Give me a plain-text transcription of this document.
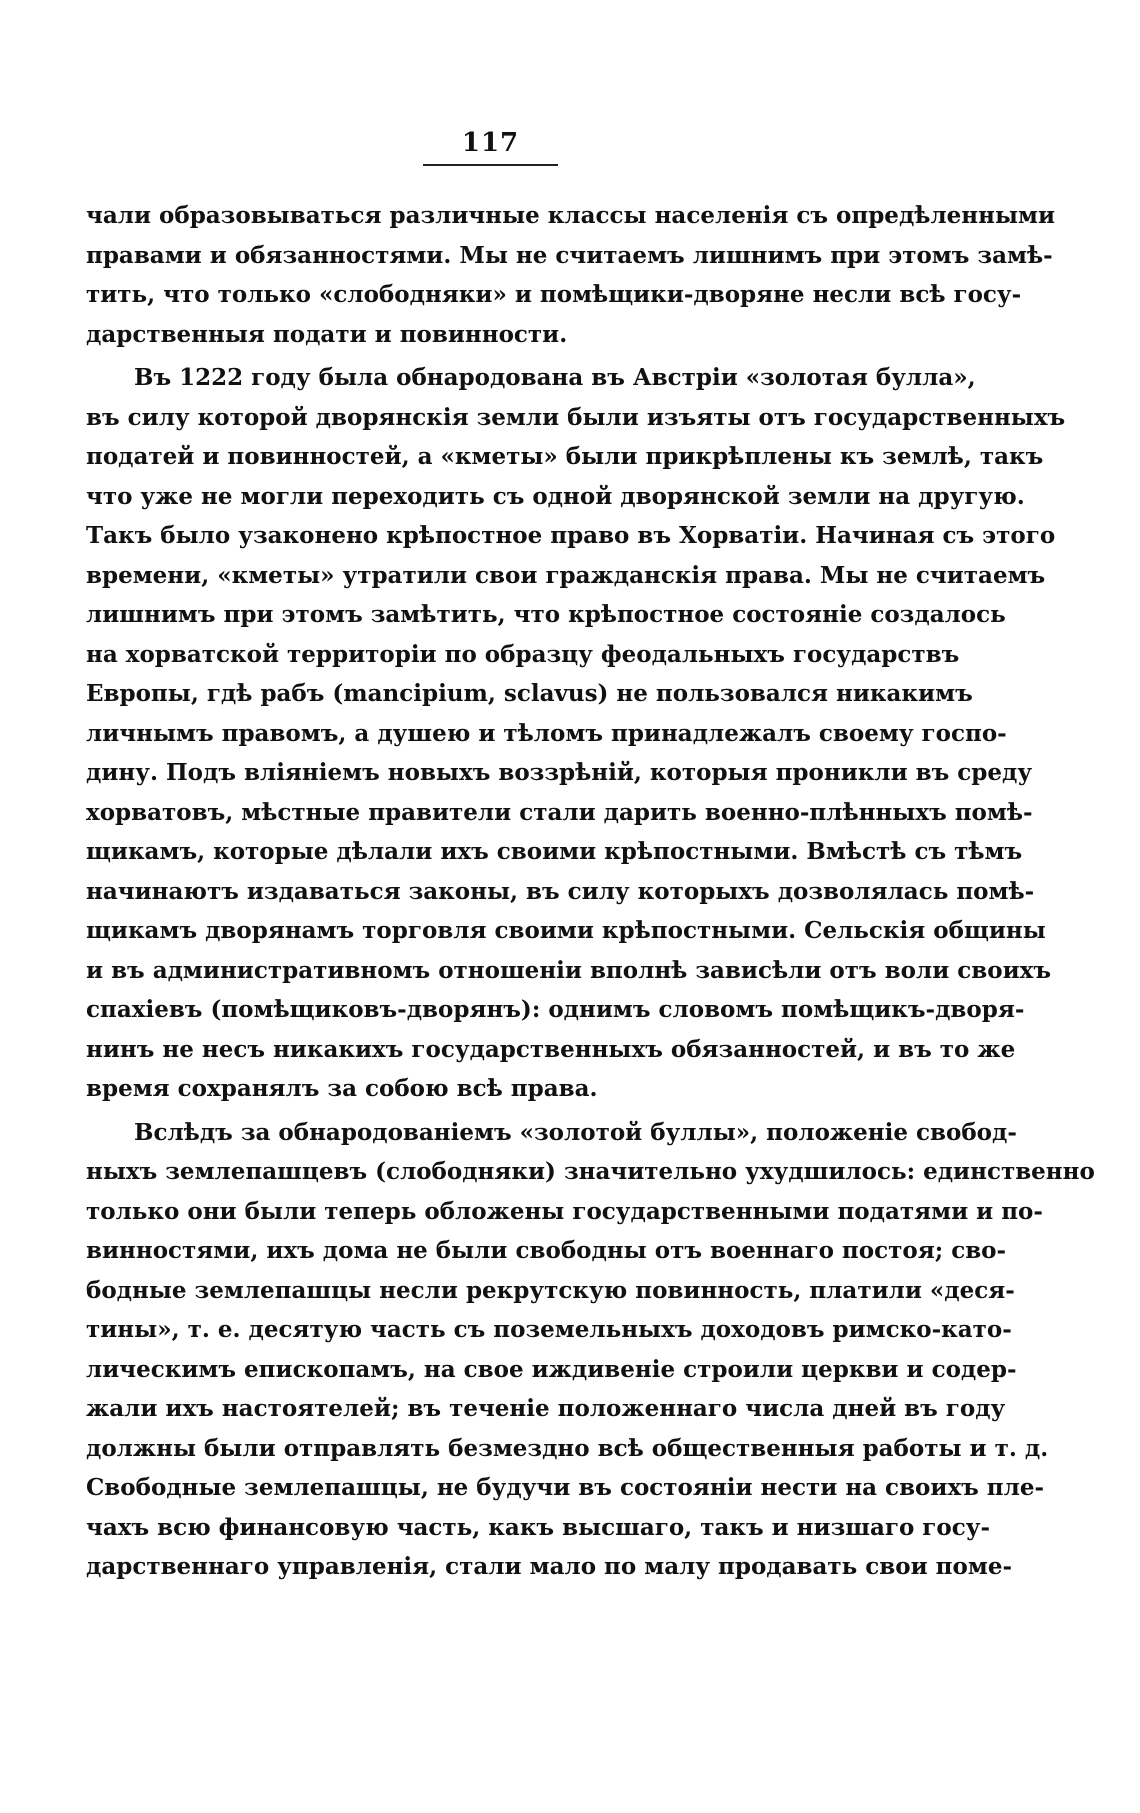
117
чали образовываться различные классы населенія съ опредѣленными
правами и обязанностями. Мы не считаемъ лишнимъ при этомъ замѣ-
тить, что только «слободняки» и помѣщики-дворяне несли всѣ госу-
дарственныя подати и повинности.
Въ 1222 году была обнародована въ Австріи «золотая булла»,
въ силу которой дворянскія земли были изъяты отъ государственныхъ
податей и повинностей, а «кметы» были прикрѣплены къ землѣ, такъ
что уже не могли переходить съ одной дворянской земли на другую.
Такъ было узаконено крѣпостное право въ Хорватіи. Начиная съ этого
времени, «кметы» утратили свои гражданскія права. Мы не считаемъ
лишнимъ при этомъ замѣтить, что крѣпостное состояніе создалось
на хорватской территоріи по образцу феодальныхъ государствъ
Европы, гдѣ рабъ (mancipium, sclavus) не пользовался никакимъ
личнымъ правомъ, а душею и тѣломъ принадлежалъ своему госпо-
дину. Подъ вліяніемъ новыхъ воззрѣній, которыя проникли въ среду
хорватовъ, мѣстные правители стали дарить военно-плѣнныхъ помѣ-
щикамъ, которые дѣлали ихъ своими крѣпостными. Вмѣстѣ съ тѣмъ
начинаютъ издаваться законы, въ силу которыхъ дозволялась помѣ-
щикамъ дворянамъ торговля своими крѣпостными. Сельскія общины
и въ административномъ отношеніи вполнѣ зависѣли отъ воли своихъ
спахіевъ (помѣщиковъ-дворянъ): однимъ словомъ помѣщикъ-дворя-
нинъ не несъ никакихъ государственныхъ обязанностей, и въ то же
время сохранялъ за собою всѣ права.
Вслѣдъ за обнародованіемъ «золотой буллы», положеніе свобод-
ныхъ землепашцевъ (слободняки) значительно ухудшилось: единственно
только они были теперь обложены государственными податями и по-
винностями, ихъ дома не были свободны отъ военнаго постоя; сво-
бодные землепашцы несли рекрутскую повинность, платили «деся-
тины», т. е. десятую часть съ поземельныхъ доходовъ римско-като-
лическимъ епископамъ, на свое иждивеніе строили церкви и содер-
жали ихъ настоятелей; въ теченіе положеннаго числа дней въ году
должны были отправлять безмездно всѣ общественныя работы и т. д.
Свободные землепашцы, не будучи въ состояніи нести на своихъ пле-
чахъ всю финансовую часть, какъ высшаго, такъ и низшаго госу-
дарственнаго управленія, стали мало по малу продавать свои поме-
